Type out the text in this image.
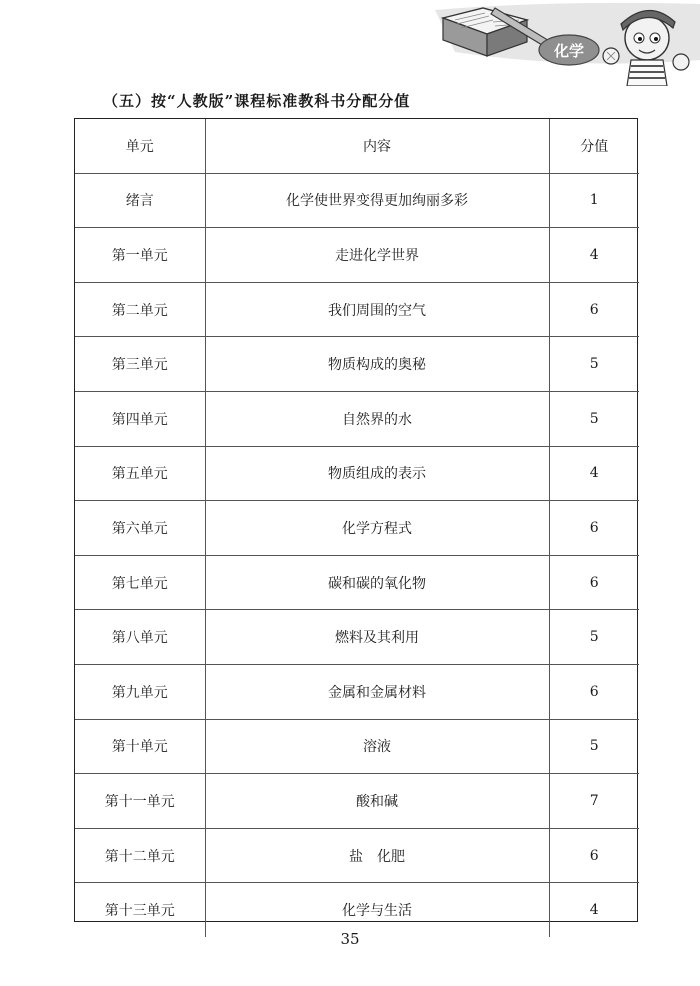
化学
（五）按“人教版”课程标准教科书分配分值
单元	内容	分值
绪言	化学使世界变得更加绚丽多彩	1
第一单元	走进化学世界	4
第二单元	我们周围的空气	6
第三单元	物质构成的奥秘	5
第四单元	自然界的水	5
第五单元	物质组成的表示	4
第六单元	化学方程式	6
第七单元	碳和碳的氧化物	6
第八单元	燃料及其利用	5
第九单元	金属和金属材料	6
第十单元	溶液	5
第十一单元	酸和碱	7
第十二单元	盐　化肥	6
第十三单元	化学与生活	4
35
